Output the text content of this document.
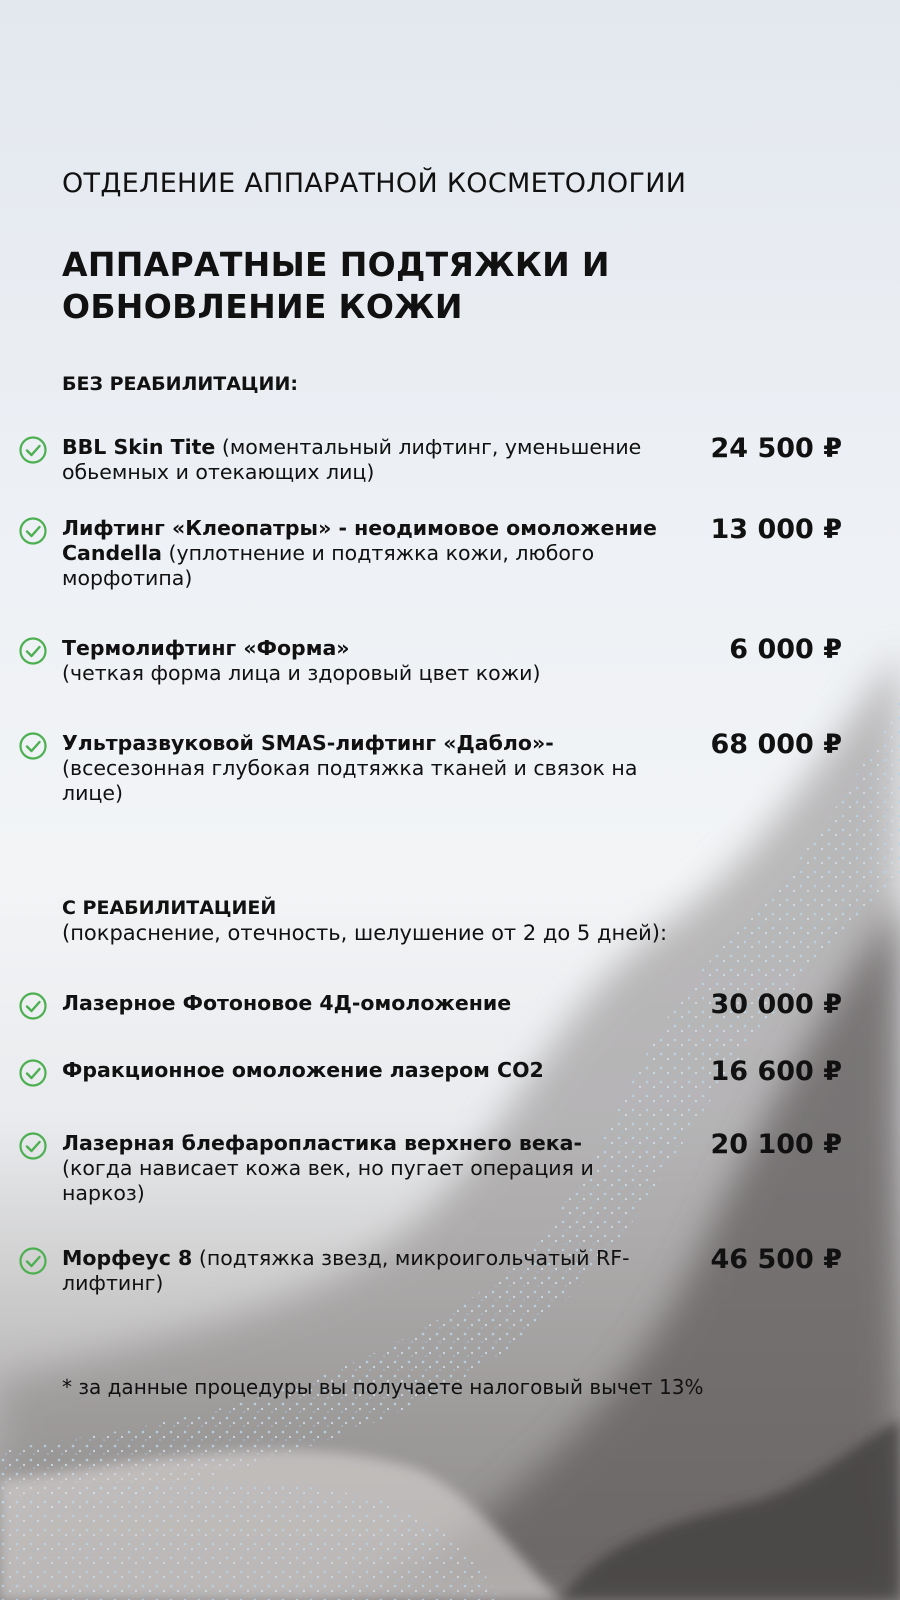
ОТДЕЛЕНИЕ АППАРАТНОЙ КОСМЕТОЛОГИИ
АППАРАТНЫЕ ПОДТЯЖКИ И ОБНОВЛЕНИЕ КОЖИ
БЕЗ РЕАБИЛИТАЦИИ:
BBL Skin Tite (моментальный лифтинг, уменьшение обьемных и отекающих лиц)
24 500 ₽
Лифтинг «Клеопатры» - неодимовое омоложение Candella (уплотнение и подтяжка кожи, любого морфотипа)
13 000 ₽
Термолифтинг «Форма»
(четкая форма лица и здоровый цвет кожи)
6 000 ₽
Ультразвуковой SMAS-лифтинг «Дабло»-
(всесезонная глубокая подтяжка тканей и связок на лице)
68 000 ₽
С РЕАБИЛИТАЦИЕЙ
(покраснение, отечность, шелушение от 2 до 5 дней):
Лазерное Фотоновое 4Д-омоложение	30 000 ₽
Фракционное омоложение лазером CO2	16 600 ₽
Лазерная блефаропластика верхнего века-
(когда нависает кожа век, но пугает операция и наркоз)
20 100 ₽
Морфеус 8 (подтяжка звезд, микроигольчатый RF-лифтинг)
46 500 ₽
* за данные процедуры вы получаете налоговый вычет 13%
